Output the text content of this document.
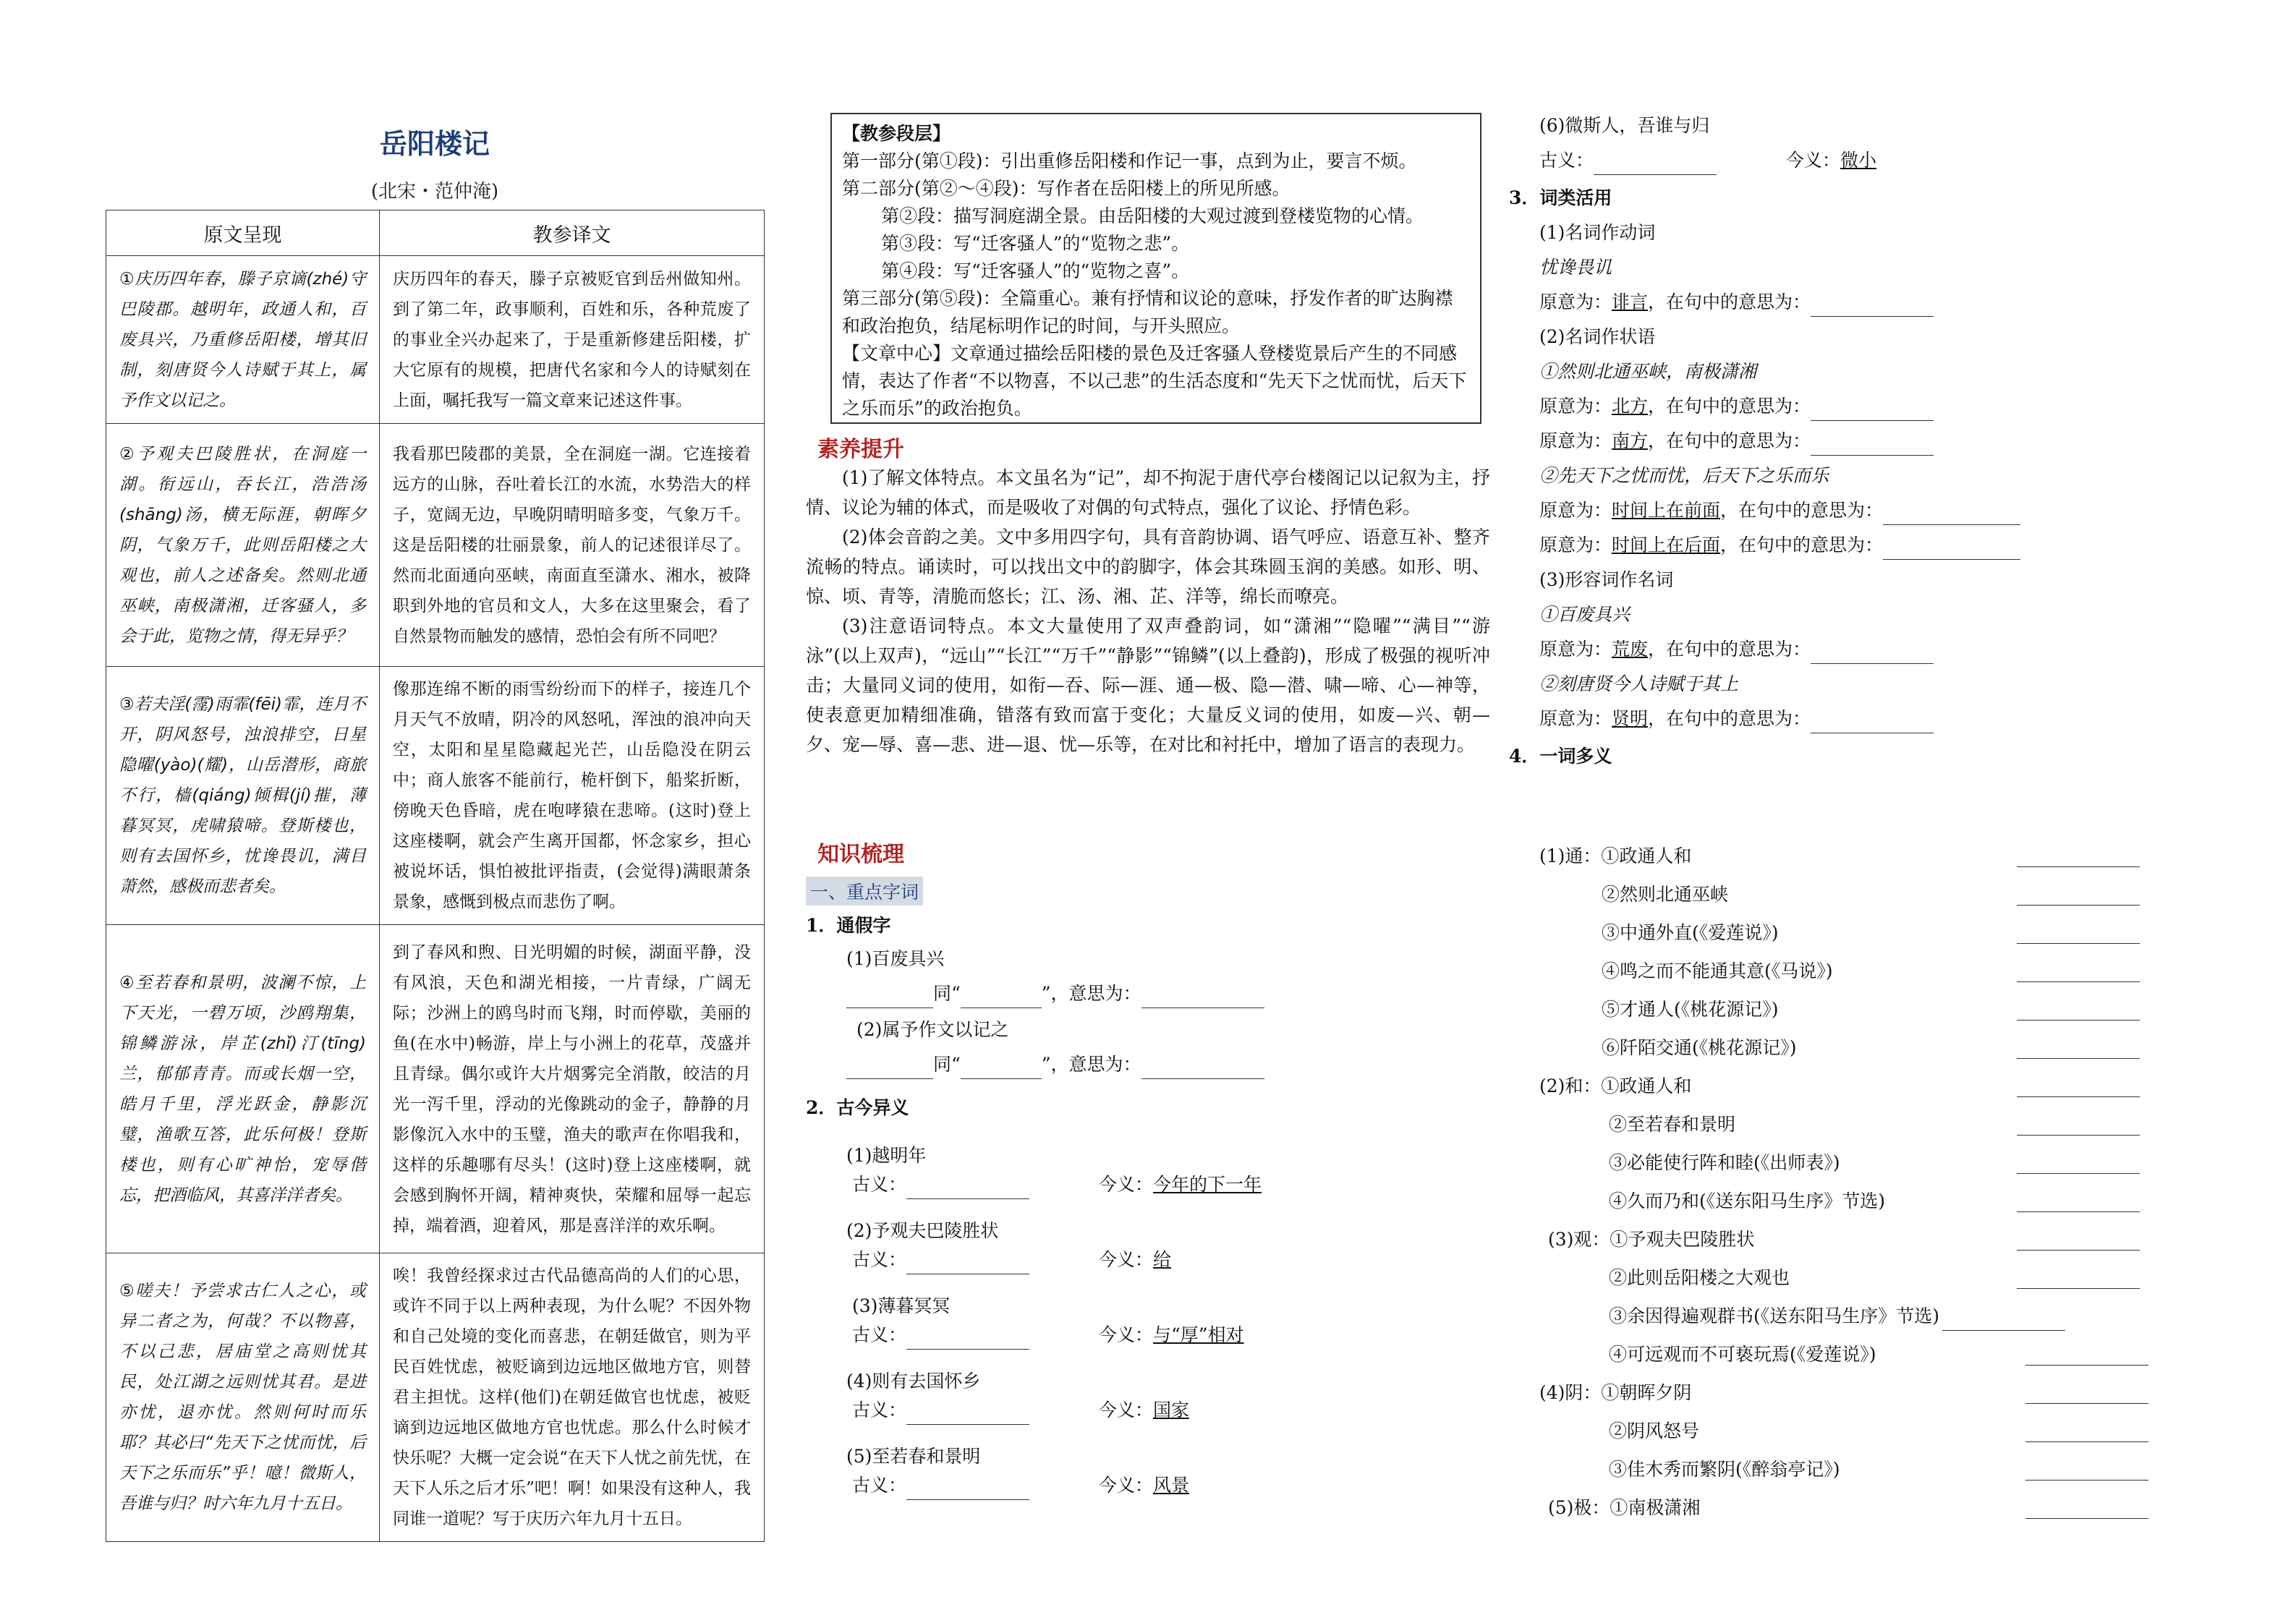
岳阳楼记
(北宋・范仲淹)
原文呈现	教参译文
①庆历四年春，滕子京谪(zhé)守巴陵郡。越明年，政通人和，百废具兴，乃重修岳阳楼，增其旧制，刻唐贤今人诗赋于其上，属予作文以记之。	庆历四年的春天，滕子京被贬官到岳州做知州。到了第二年，政事顺利，百姓和乐，各种荒废了的事业全兴办起来了，于是重新修建岳阳楼，扩大它原有的规模，把唐代名家和今人的诗赋刻在上面，嘱托我写一篇文章来记述这件事。
②予观夫巴陵胜状，在洞庭一湖。衔远山，吞长江，浩浩汤(shāng)汤，横无际涯，朝晖夕阴，气象万千，此则岳阳楼之大观也，前人之述备矣。然则北通巫峡，南极潇湘，迁客骚人，多会于此，览物之情，得无异乎？	我看那巴陵郡的美景，全在洞庭一湖。它连接着远方的山脉，吞吐着长江的水流，水势浩大的样子，宽阔无边，早晚阴晴明暗多变，气象万千。这是岳阳楼的壮丽景象，前人的记述很详尽了。然而北面通向巫峡，南面直至潇水、湘水，被降职到外地的官员和文人，大多在这里聚会，看了自然景物而触发的感情，恐怕会有所不同吧？
③若夫淫(霪)雨霏(fēi)霏，连月不开，阴风怒号，浊浪排空，日星隐曜(yào)(耀)，山岳潜形，商旅不行，樯(qiáng)倾楫(jí)摧，薄暮冥冥，虎啸猿啼。登斯楼也，则有去国怀乡，忧谗畏讥，满目萧然，感极而悲者矣。	像那连绵不断的雨雪纷纷而下的样子，接连几个月天气不放晴，阴冷的风怒吼，浑浊的浪冲向天空，太阳和星星隐藏起光芒，山岳隐没在阴云中；商人旅客不能前行，桅杆倒下，船桨折断，傍晚天色昏暗，虎在咆哮猿在悲啼。(这时)登上这座楼啊，就会产生离开国都，怀念家乡，担心被说坏话，惧怕被批评指责，(会觉得)满眼萧条景象，感慨到极点而悲伤了啊。
④至若春和景明，波澜不惊，上下天光，一碧万顷，沙鸥翔集，锦鳞游泳，岸芷(zhǐ)汀(tīng)兰，郁郁青青。而或长烟一空，皓月千里，浮光跃金，静影沉璧，渔歌互答，此乐何极！登斯楼也，则有心旷神怡，宠辱偕忘，把酒临风，其喜洋洋者矣。	到了春风和煦、日光明媚的时候，湖面平静，没有风浪，天色和湖光相接，一片青绿，广阔无际；沙洲上的鸥鸟时而飞翔，时而停歇，美丽的鱼(在水中)畅游，岸上与小洲上的花草，茂盛并且青绿。偶尔或许大片烟雾完全消散，皎洁的月光一泻千里，浮动的光像跳动的金子，静静的月影像沉入水中的玉璧，渔夫的歌声在你唱我和，这样的乐趣哪有尽头！(这时)登上这座楼啊，就会感到胸怀开阔，精神爽快，荣耀和屈辱一起忘掉，端着酒，迎着风，那是喜洋洋的欢乐啊。
⑤嗟夫！予尝求古仁人之心，或异二者之为，何哉？不以物喜，不以己悲，居庙堂之高则忧其民，处江湖之远则忧其君。是进亦忧，退亦忧。然则何时而乐耶？其必曰“先天下之忧而忧，后天下之乐而乐”乎！噫！微斯人，吾谁与归？时六年九月十五日。	唉！我曾经探求过古代品德高尚的人们的心思，或许不同于以上两种表现，为什么呢？不因外物和自己处境的变化而喜悲，在朝廷做官，则为平民百姓忧虑，被贬谪到边远地区做地方官，则替君主担忧。这样(他们)在朝廷做官也忧虑，被贬谪到边远地区做地方官也忧虑。那么什么时候才快乐呢？大概一定会说“在天下人忧之前先忧，在天下人乐之后才乐”吧！啊！如果没有这种人，我同谁一道呢？写于庆历六年九月十五日。
【教参段层】
第一部分(第①段)：引出重修岳阳楼和作记一事，点到为止，要言不烦。
第二部分(第②～④段)：写作者在岳阳楼上的所见所感。
第②段：描写洞庭湖全景。由岳阳楼的大观过渡到登楼览物的心情。
第③段：写“迁客骚人”的“览物之悲”。
第④段：写“迁客骚人”的“览物之喜”。
第三部分(第⑤段)：全篇重心。兼有抒情和议论的意味，抒发作者的旷达胸襟和政治抱负，结尾标明作记的时间，与开头照应。
【文章中心】文章通过描绘岳阳楼的景色及迁客骚人登楼览景后产生的不同感情，表达了作者“不以物喜，不以己悲”的生活态度和“先天下之忧而忧，后天下之乐而乐”的政治抱负。
素养提升
(1)了解文体特点。本文虽名为“记”，却不拘泥于唐代亭台楼阁记以记叙为主，抒情、议论为辅的体式，而是吸收了对偶的句式特点，强化了议论、抒情色彩。
(2)体会音韵之美。文中多用四字句，具有音韵协调、语气呼应、语意互补、整齐流畅的特点。诵读时，可以找出文中的韵脚字，体会其珠圆玉润的美感。如形、明、惊、顷、青等，清脆而悠长；江、汤、湘、芷、洋等，绵长而嘹亮。
(3)注意语词特点。本文大量使用了双声叠韵词，如“潇湘”“隐曜”“满目”“游泳”(以上双声)，“远山”“长江”“万千”“静影”“锦鳞”(以上叠韵)，形成了极强的视听冲击；大量同义词的使用，如衔—吞、际—涯、通—极、隐—潜、啸—啼、心—神等，使表意更加精细准确，错落有致而富于变化；大量反义词的使用，如废—兴、朝—夕、宠—辱、喜—悲、进—退、忧—乐等，在对比和衬托中，增加了语言的表现力。
知识梳理
一、重点字词
1．通假字
(1)百废具兴
同“	”，意思为：
(2)属予作文以记之
同“	”，意思为：
2．古今异义
(1)越明年
古义：	今义：今年的下一年
(2)予观夫巴陵胜状
古义：	今义：给
(3)薄暮冥冥
古义：	今义：与“厚”相对
(4)则有去国怀乡
古义：	今义：国家
(5)至若春和景明
古义：	今义：风景
(6)微斯人，吾谁与归
古义：	今义：微小
3．词类活用
(1)名词作动词
忧谗畏讥
原意为：诽言，在句中的意思为：
(2)名词作状语
①然则北通巫峡，南极潇湘
原意为：北方，在句中的意思为：
原意为：南方，在句中的意思为：
②先天下之忧而忧，后天下之乐而乐
原意为：时间上在前面，在句中的意思为：
原意为：时间上在后面，在句中的意思为：
(3)形容词作名词
①百废具兴
原意为：荒废，在句中的意思为：
②刻唐贤今人诗赋于其上
原意为：贤明，在句中的意思为：
4．一词多义
(1)通：①政通人和
②然则北通巫峡
③中通外直(《爱莲说》)
④鸣之而不能通其意(《马说》)
⑤才通人(《桃花源记》)
⑥阡陌交通(《桃花源记》)
(2)和：①政通人和
②至若春和景明
③必能使行阵和睦(《出师表》)
④久而乃和(《送东阳马生序》节选)
(3)观：①予观夫巴陵胜状
②此则岳阳楼之大观也
③余因得遍观群书(《送东阳马生序》节选)
④可远观而不可亵玩焉(《爱莲说》)
(4)阴：①朝晖夕阴
②阴风怒号
③佳木秀而繁阴(《醉翁亭记》)
(5)极：①南极潇湘
